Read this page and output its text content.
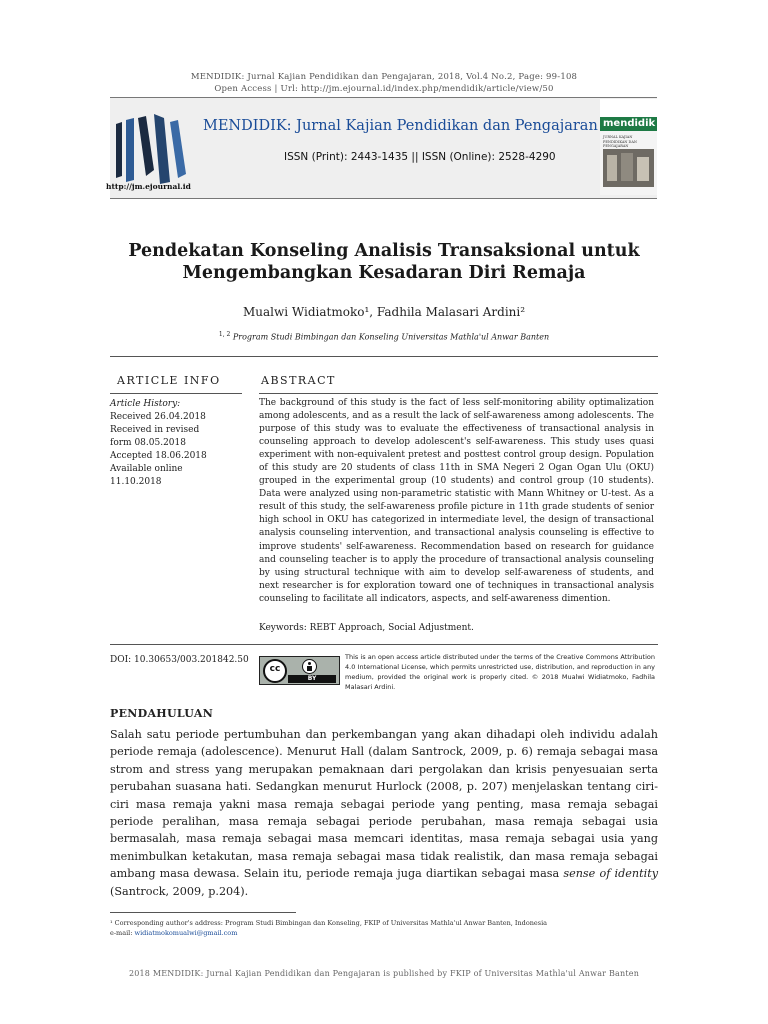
MENDIDIK: Jurnal Kajian Pendidikan dan Pengajaran, 2018, Vol.4 No.2, Page: 99-108
Open Access | Url: http://jm.ejournal.id/index.php/mendidik/article/view/50
MENDIDIK: Jurnal Kajian Pendidikan dan Pengajaran
ISSN (Print): 2443-1435 || ISSN (Online): 2528-4290
http://jm.ejournal.id
mendidik
JURNAL KAJIAN
PENDIDIKAN DAN PENGAJARAN
Pendekatan Konseling Analisis Transaksional untuk
Mengembangkan Kesadaran Diri Remaja
Mualwi Widiatmoko¹, Fadhila Malasari Ardini²
$^{1, 2}$ Program Studi Bimbingan dan Konseling Universitas Mathla'ul Anwar Banten
ARTICLE INFO	ABSTRACT
Article History:
Received 26.04.2018
Received in revised
form 08.05.2018
Accepted 18.06.2018
Available online
11.10.2018
The background of this study is the fact of less self-monitoring ability optimalization among adolescents, and as a result the lack of self-awareness among adolescents. The purpose of this study was to evaluate the effectiveness of transactional analysis in counseling approach to develop adolescent's self-awareness. This study uses quasi experiment with non-equivalent pretest and posttest control group design. Population of this study are 20 students of class 11th in SMA Negeri 2 Ogan Ogan Ulu (OKU) grouped in the experimental group (10 students) and control group (10 students). Data were analyzed using non-parametric statistic with Mann Whitney or U-test. As a result of this study, the self-awareness profile picture in 11th grade students of senior high school in OKU has categorized in intermediate level, the design of transactional analysis counseling intervention, and transactional analysis counseling is effective to improve students' self-awareness. Recommendation based on research for guidance and counseling teacher is to apply the procedure of transactional analysis counseling by using structural technique with aim to develop self-awareness of students, and next researcher is for exploration toward one of techniques in transactional analysis counseling to facilitate all indicators, aspects, and self-awareness dimention.
Keywords: REBT Approach, Social Adjustment.
DOI: 10.30653/003.201842.50
cc
BY
This is an open access article distributed under the terms of the Creative Commons Attribution 4.0 International License, which permits unrestricted use, distribution, and reproduction in any medium, provided the original work is properly cited. © 2018 Mualwi Widiatmoko, Fadhila Malasari Ardini.
PENDAHULUAN
Salah satu periode pertumbuhan dan perkembangan yang akan dihadapi oleh individu adalah periode remaja (adolescence). Menurut Hall (dalam Santrock, 2009, p. 6) remaja sebagai masa strom and stress yang merupakan pemaknaan dari pergolakan dan krisis penyesuaian serta perubahan suasana hati. Sedangkan menurut Hurlock (2008, p. 207) menjelaskan tentang ciri-ciri masa remaja yakni masa remaja sebagai periode yang penting, masa remaja sebagai periode peralihan, masa remaja sebagai periode perubahan, masa remaja sebagai usia bermasalah, masa remaja sebagai masa memcari identitas, masa remaja sebagai usia yang menimbulkan ketakutan, masa remaja sebagai masa tidak realistik, dan masa remaja sebagai ambang masa dewasa. Selain itu, periode remaja juga diartikan sebagai masa sense of identity (Santrock, 2009, p.204).
¹ Corresponding author's address: Program Studi Bimbingan dan Konseling, FKIP of Universitas Mathla'ul Anwar Banten, Indonesia
e-mail: widiatmokomualwi@gmail.com
2018 MENDIDIK: Jurnal Kajian Pendidikan dan Pengajaran is published by FKIP of Universitas Mathla'ul Anwar Banten
